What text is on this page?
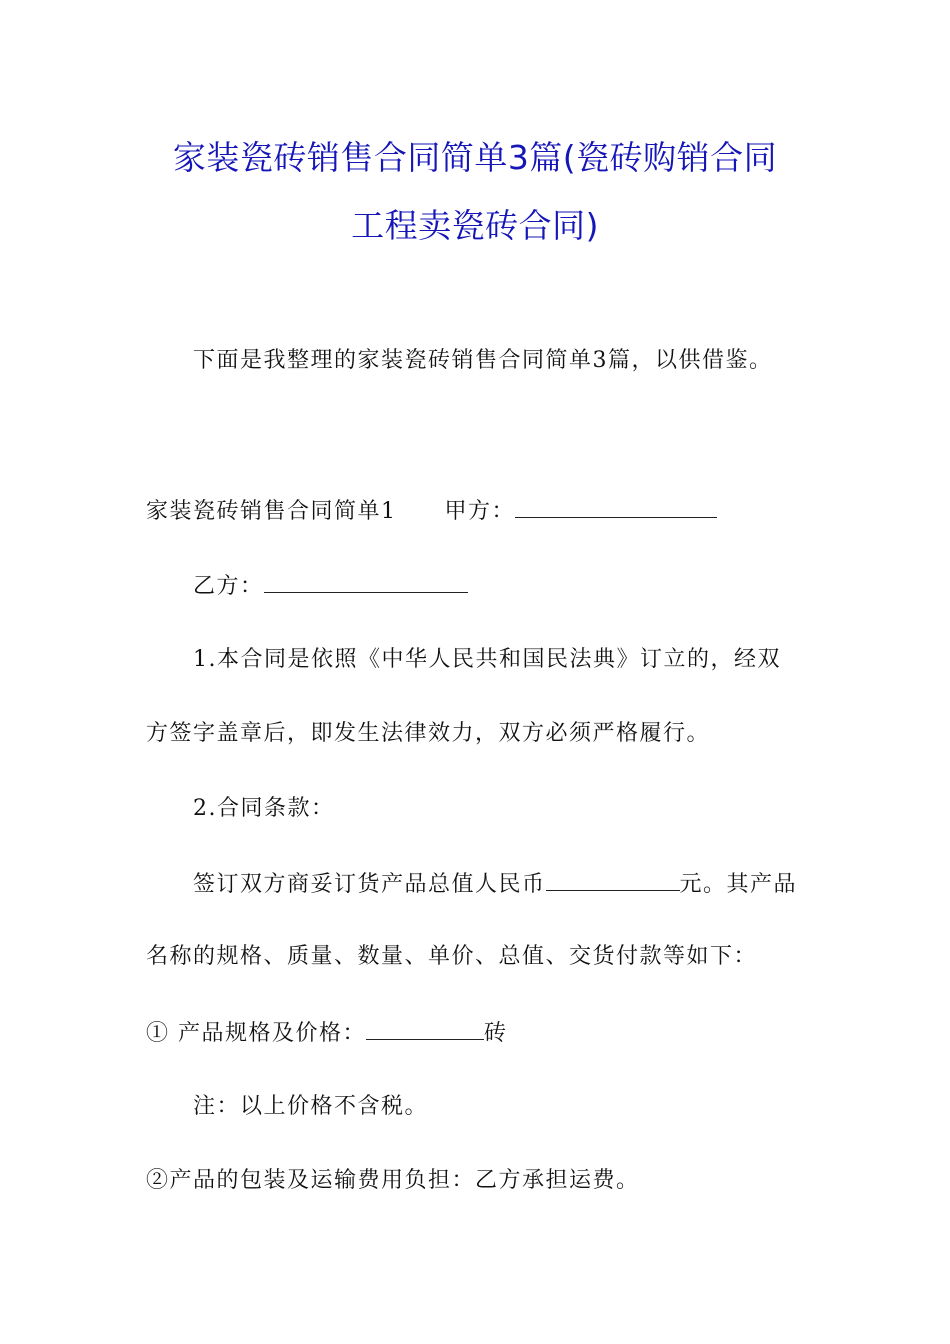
家装瓷砖销售合同简单3篇(瓷砖购销合同
工程卖瓷砖合同)
下面是我整理的家装瓷砖销售合同简单3篇，以供借鉴。
家装瓷砖销售合同简单1 甲方：
乙方：
1.本合同是依照《中华人民共和国民法典》订立的，经双
方签字盖章后，即发生法律效力，双方必须严格履行。
2.合同条款：
签订双方商妥订货产品总值人民币	元。其产品
名称的规格、质量、数量、单价、总值、交货付款等如下：
① 产品规格及价格：	砖
注：以上价格不含税。
②产品的包装及运输费用负担：乙方承担运费。
